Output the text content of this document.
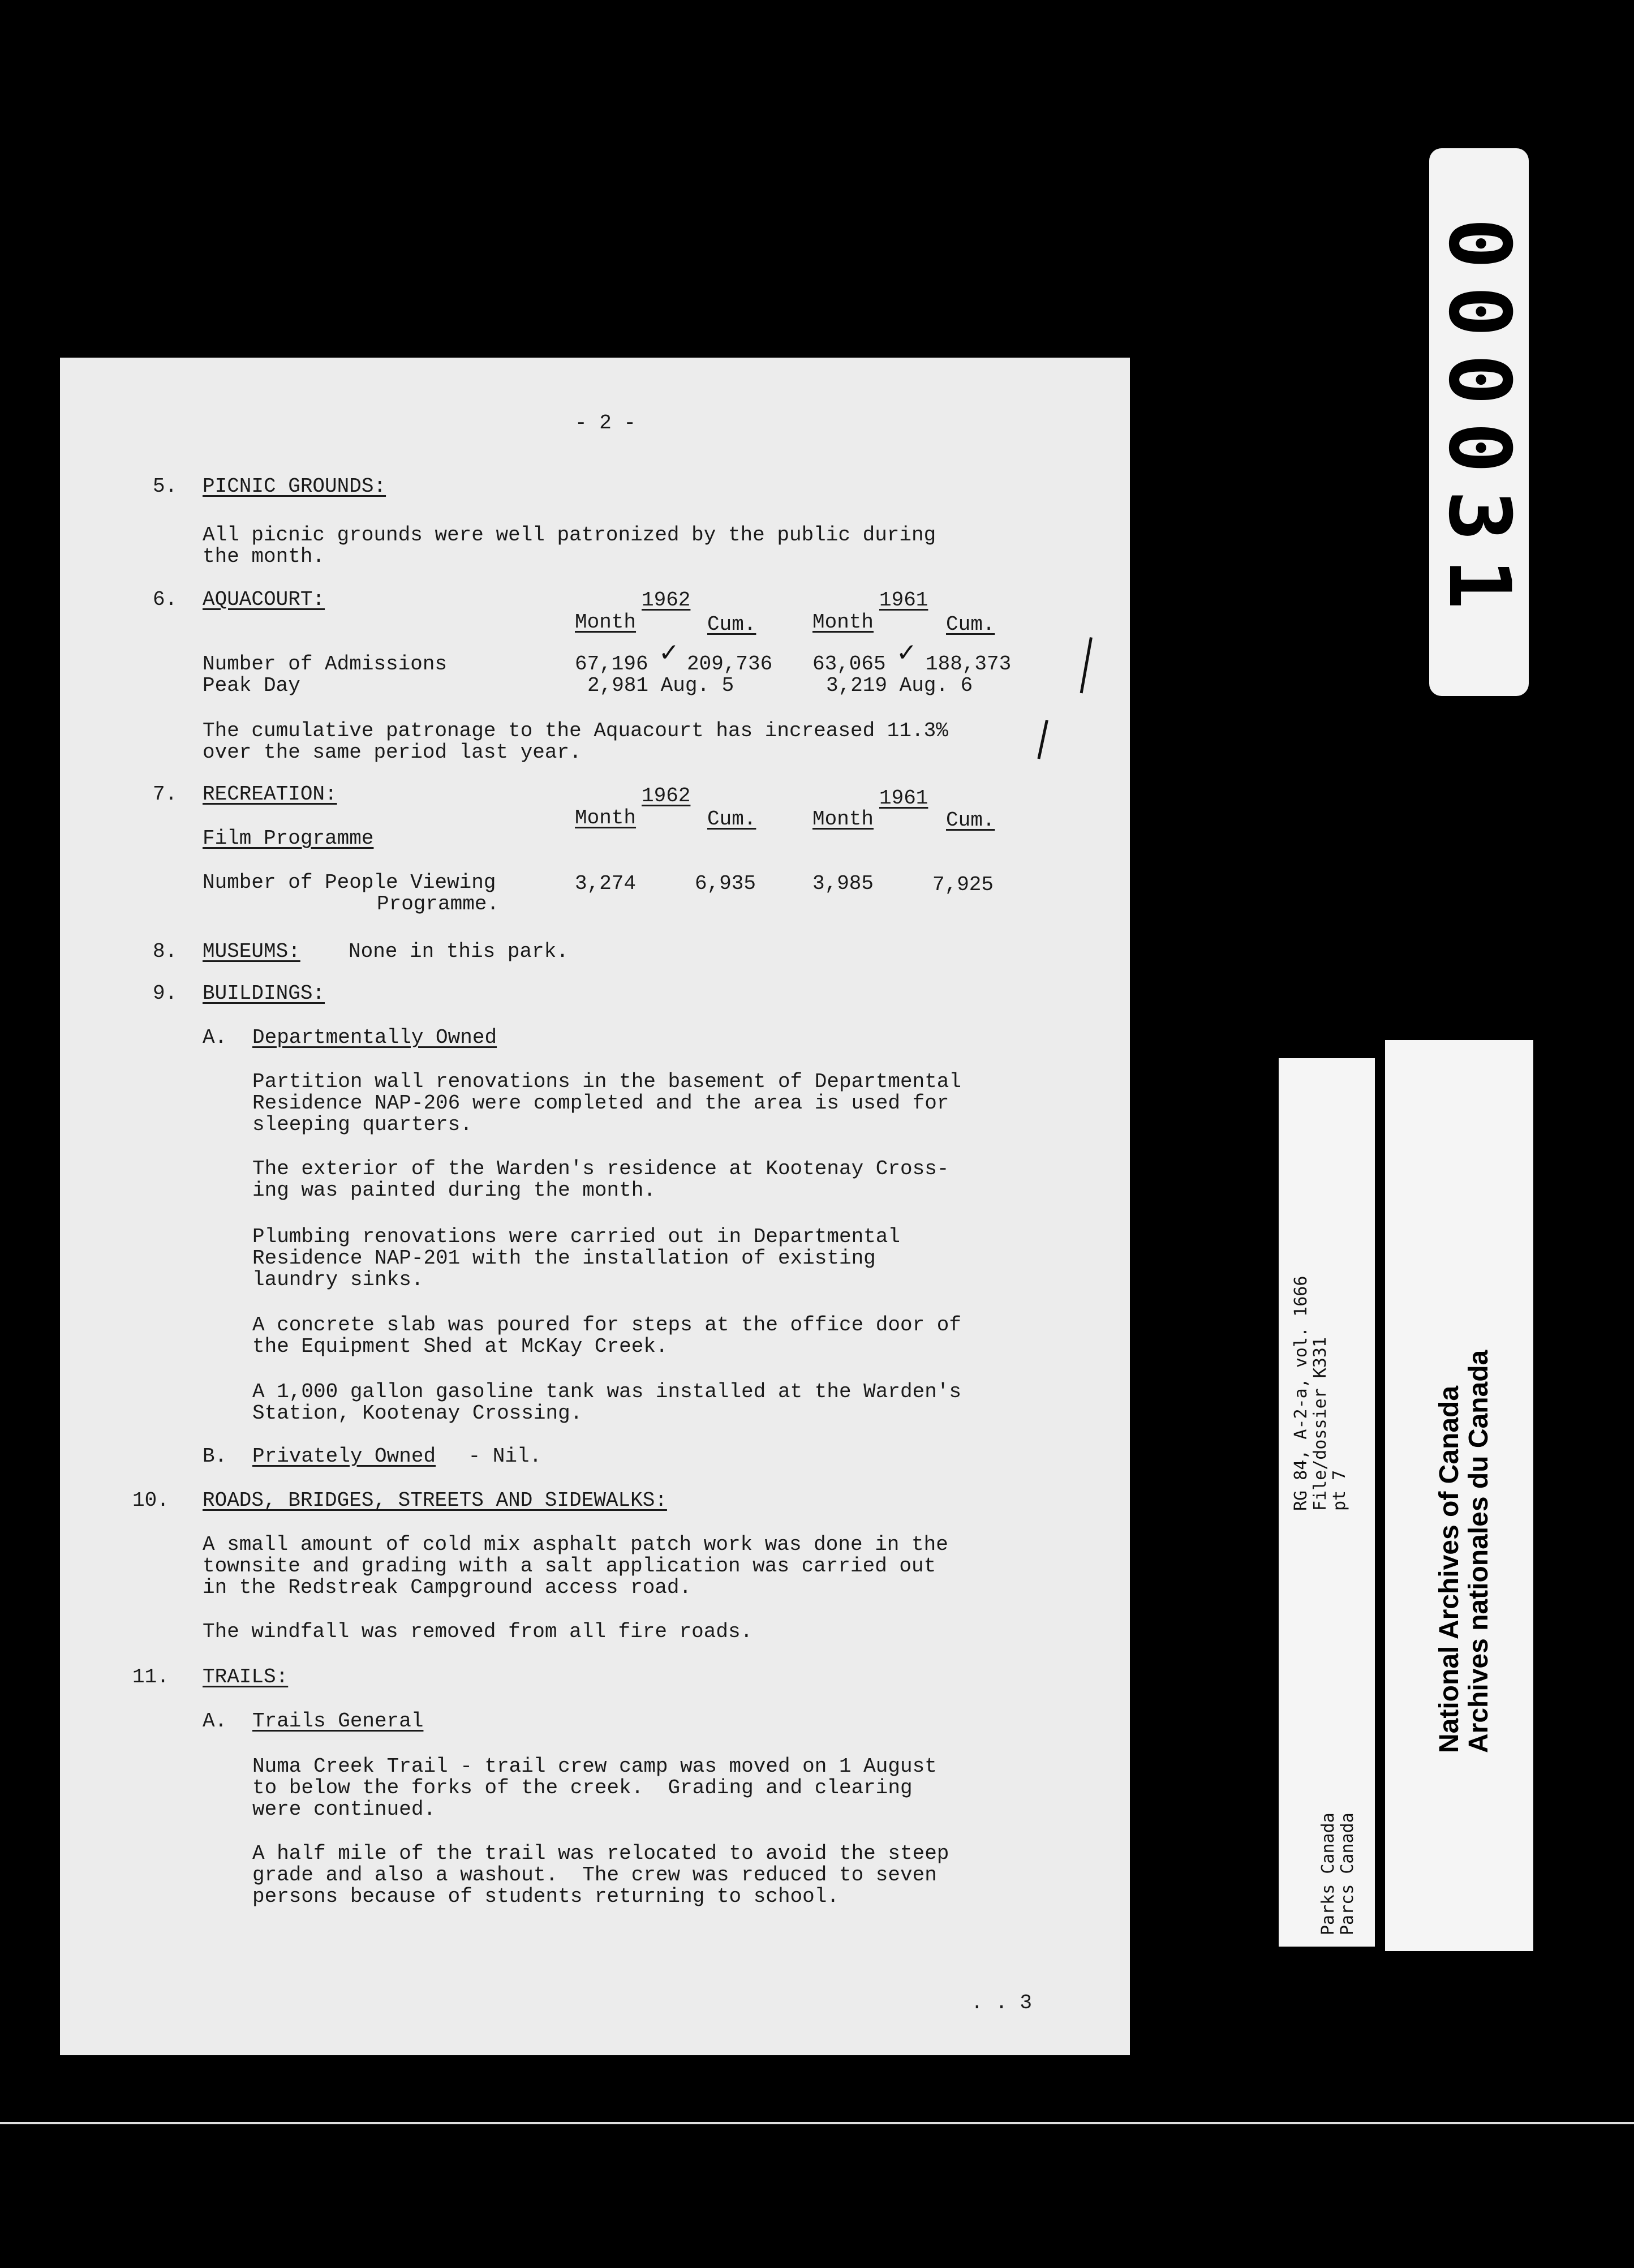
- 2 -
5. PICNIC GROUNDS:
All picnic grounds were well patronized by the public during
the month.
6. AQUACOURT:	1962	1961
Month	Cum.	Month	Cum.
Number of Admissions	67,196 ✓ 209,736 63,065 ✓ 188,373
Peak Day	2,981 Aug. 5	3,219 Aug. 6
The cumulative patronage to the Aquacourt has increased 11.3%
over the same period last year.
7. RECREATION:	1962	1961
Month	Cum.	Month	Cum.
Film Programme
Number of People Viewing
Programme.
3,274	6,935	3,985	7,925
8. MUSEUMS: None in this park.
9. BUILDINGS:
A. Departmentally Owned
Partition wall renovations in the basement of Departmental
Residence NAP-206 were completed and the area is used for
sleeping quarters.
The exterior of the Warden's residence at Kootenay Cross-
ing was painted during the month.
Plumbing renovations were carried out in Departmental
Residence NAP-201 with the installation of existing
laundry sinks.
A concrete slab was poured for steps at the office door of
the Equipment Shed at McKay Creek.
A 1,000 gallon gasoline tank was installed at the Warden's
Station, Kootenay Crossing.
B. Privately Owned - Nil.
10. ROADS, BRIDGES, STREETS AND SIDEWALKS:
A small amount of cold mix asphalt patch work was done in the
townsite and grading with a salt application was carried out
in the Redstreak Campground access road.
The windfall was removed from all fire roads.
11. TRAILS:
A. Trails General
Numa Creek Trail - trail crew camp was moved on 1 August
to below the forks of the creek.  Grading and clearing
were continued.
A half mile of the trail was relocated to avoid the steep
grade and also a washout.  The crew was reduced to seven
persons because of students returning to school.
. . 3
000031
RG 84, A-2-a, vol. 1666 File/dossier K331 pt 7
Parks Canada Parcs Canada
National Archives of Canada Archives nationales du Canada
